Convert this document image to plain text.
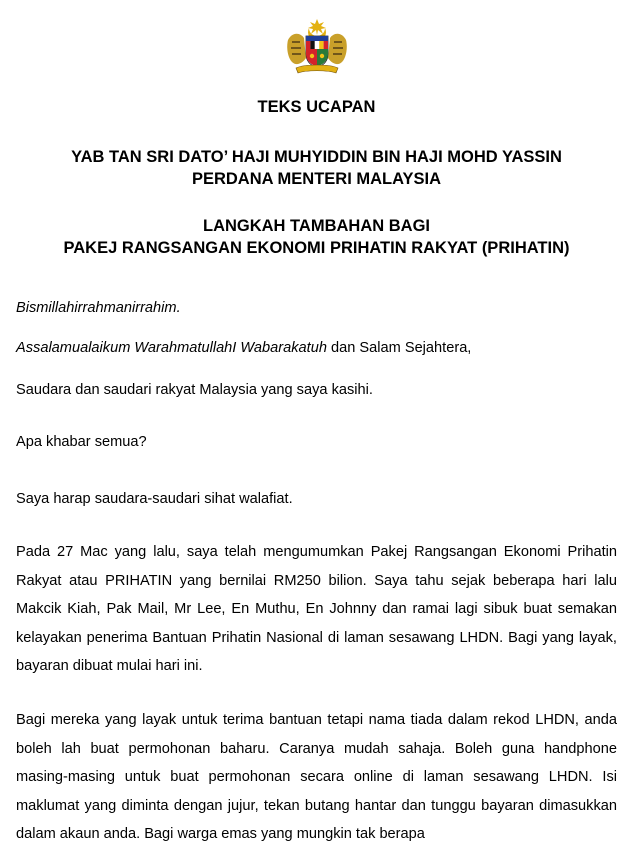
TEKS UCAPAN
YAB TAN SRI DATO’ HAJI MUHYIDDIN BIN HAJI MOHD YASSIN
PERDANA MENTERI MALAYSIA
LANGKAH TAMBAHAN BAGI
PAKEJ RANGSANGAN EKONOMI PRIHATIN RAKYAT (PRIHATIN)

Bismillahirrahmanirrahim.

Assalamualaikum WarahmatullahI Wabarakatuh dan Salam Sejahtera,

Saudara dan saudari rakyat Malaysia yang saya kasihi.

Apa khabar semua?

Saya harap saudara-saudari sihat walafiat.

Pada 27 Mac yang lalu, saya telah mengumumkan Pakej Rangsangan Ekonomi Prihatin Rakyat atau PRIHATIN yang bernilai RM250 bilion. Saya tahu sejak beberapa hari lalu Makcik Kiah, Pak Mail, Mr Lee, En Muthu, En Johnny dan ramai lagi sibuk buat semakan kelayakan penerima Bantuan Prihatin Nasional di laman sesawang LHDN. Bagi yang layak, bayaran dibuat mulai hari ini.

Bagi mereka yang layak untuk terima bantuan tetapi nama tiada dalam rekod LHDN, anda boleh lah buat permohonan baharu. Caranya mudah sahaja. Boleh guna handphone masing-masing untuk buat permohonan secara online di laman sesawang LHDN. Isi maklumat yang diminta dengan jujur, tekan butang hantar dan tunggu bayaran dimasukkan dalam akaun anda. Bagi warga emas yang mungkin tak berapa
